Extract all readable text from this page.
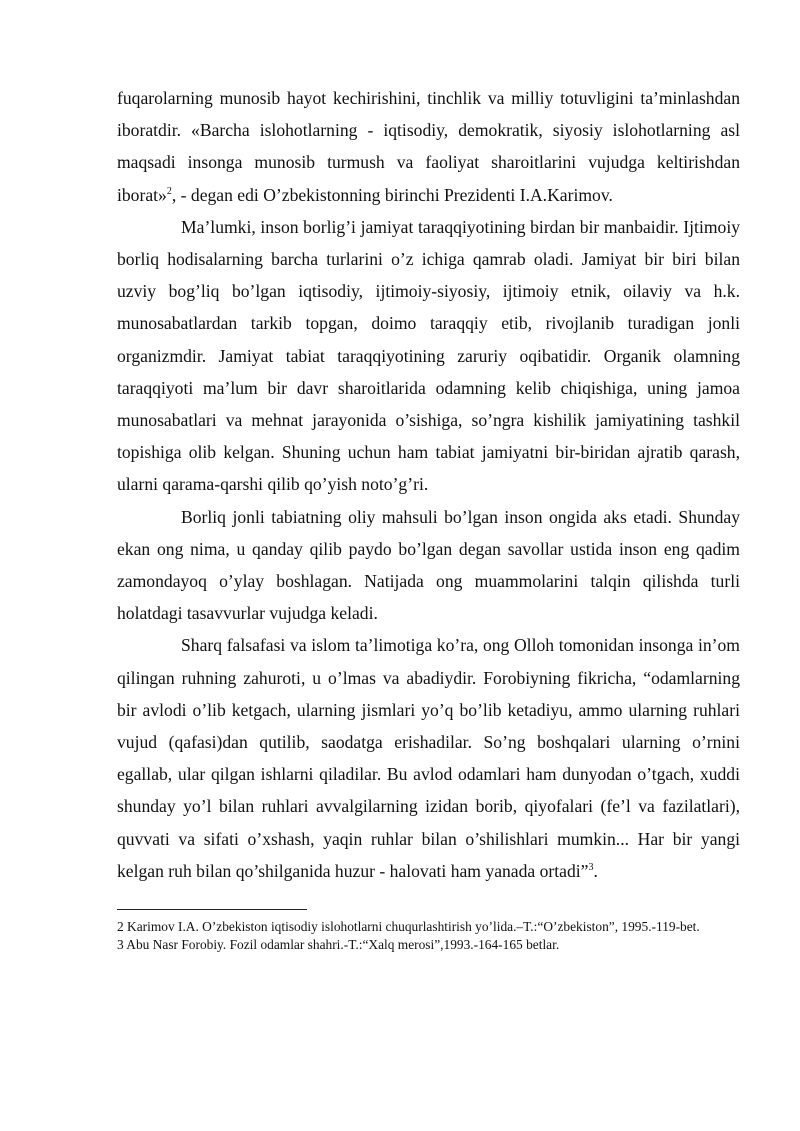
fuqarolarning munosib hayot kechirishini, tinchlik va milliy totuvligini ta’minlashdan iboratdir. «Barcha islohotlarning - iqtisodiy, demokratik, siyosiy islohotlarning asl maqsadi insonga munosib turmush va faoliyat sharoitlarini vujudga keltirishdan iborat»$^2$, - degan edi O’zbekistonning birinchi Prezidenti I.A.Karimov.

Ma’lumki, inson borlig’i jamiyat taraqqiyotining birdan bir manbaidir. Ijtimoiy borliq hodisalarning barcha turlarini o’z ichiga qamrab oladi. Jamiyat bir biri bilan uzviy bog’liq bo’lgan iqtisodiy, ijtimoiy-siyosiy, ijtimoiy etnik, oilaviy va h.k. munosabatlardan tarkib topgan, doimo taraqqiy etib, rivojlanib turadigan jonli organizmdir. Jamiyat tabiat taraqqiyotining zaruriy oqibatidir. Organik olamning taraqqiyoti ma’lum bir davr sharoitlarida odamning kelib chiqishiga, uning jamoa munosabatlari va mehnat jarayonida o’sishiga, so’ngra kishilik jamiyatining tashkil topishiga olib kelgan. Shuning uchun ham tabiat jamiyatni bir-biridan ajratib qarash, ularni qarama-qarshi qilib qo’yish noto’g’ri.

Borliq jonli tabiatning oliy mahsuli bo’lgan inson ongida aks etadi. Shunday ekan ong nima, u qanday qilib paydo bo’lgan degan savollar ustida inson eng qadim zamondayoq o’ylay boshlagan. Natijada ong muammolarini talqin qilishda turli holatdagi tasavvurlar vujudga keladi.

Sharq falsafasi va islom ta’limotiga ko’ra, ong Olloh tomonidan insonga in’om qilingan ruhning zahuroti, u o’lmas va abadiydir. Forobiyning fikricha, “odamlarning bir avlodi o’lib ketgach, ularning jismlari yo’q bo’lib ketadiyu, ammo ularning ruhlari vujud (qafasi)dan qutilib, saodatga erishadilar. So’ng boshqalari ularning o’rnini egallab, ular qilgan ishlarni qiladilar. Bu avlod odamlari ham dunyodan o’tgach, xuddi shunday yo’l bilan ruhlari avvalgilarning izidan borib, qiyofalari (fe’l va fazilatlari), quvvati va sifati o’xshash, yaqin ruhlar bilan o’shilishlari mumkin... Har bir yangi kelgan ruh bilan qo’shilganida huzur - halovati ham yanada ortadi”$^3$.

2 Karimov I.A. O’zbekiston iqtisodiy islohotlarni chuqurlashtirish yo’lida.–T.:“O’zbekiston”, 1995.-119-bet.

3 Abu Nasr Forobiy. Fozil odamlar shahri.-T.:“Xalq merosi”,1993.-164-165 betlar.
